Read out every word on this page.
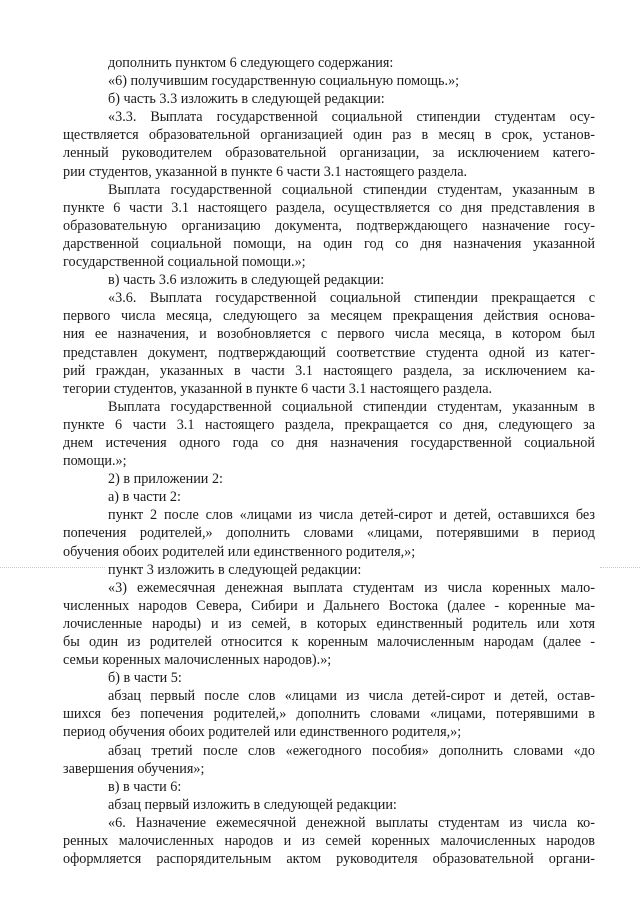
дополнить пунктом 6 следующего содержания:
«6) получившим государственную социальную помощь.»;
б) часть 3.3 изложить в следующей редакции:
«3.3. Выплата государственной социальной стипендии студентам осу-
ществляется образовательной организацией один раз в месяц в срок, установ-
ленный руководителем образовательной организации, за исключением катего-
рии студентов, указанной в пункте 6 части 3.1 настоящего раздела.
Выплата государственной социальной стипендии студентам, указанным в
пункте 6 части 3.1 настоящего раздела, осуществляется со дня представления в
образовательную организацию документа, подтверждающего назначение госу-
дарственной социальной помощи, на один год со дня назначения указанной
государственной социальной помощи.»;
в) часть 3.6 изложить в следующей редакции:
«3.6. Выплата государственной социальной стипендии прекращается с
первого числа месяца, следующего за месяцем прекращения действия основа-
ния ее назначения, и возобновляется с первого числа месяца, в котором был
представлен документ, подтверждающий соответствие студента одной из катег-
рий граждан, указанных в части 3.1 настоящего раздела, за исключением ка-
тегории студентов, указанной в пункте 6 части 3.1 настоящего раздела.
Выплата государственной социальной стипендии студентам, указанным в
пункте 6 части 3.1 настоящего раздела, прекращается со дня, следующего за
днем истечения одного года со дня назначения государственной социальной
помощи.»;
2) в приложении 2:
а) в части 2:
пункт 2 после слов «лицами из числа детей-сирот и детей, оставшихся без
попечения родителей,» дополнить словами «лицами, потерявшими в период
обучения обоих родителей или единственного родителя,»;
пункт 3 изложить в следующей редакции:
«3) ежемесячная денежная выплата студентам из числа коренных мало-
численных народов Севера, Сибири и Дальнего Востока (далее - коренные ма-
лочисленные народы) и из семей, в которых единственный родитель или хотя
бы один из родителей относится к коренным малочисленным народам (далее -
семьи коренных малочисленных народов).»;
б) в части 5:
абзац первый после слов «лицами из числа детей-сирот и детей, остав-
шихся без попечения родителей,» дополнить словами «лицами, потерявшими в
период обучения обоих родителей или единственного родителя,»;
абзац третий после слов «ежегодного пособия» дополнить словами «до
завершения обучения»;
в) в части 6:
абзац первый изложить в следующей редакции:
«6. Назначение ежемесячной денежной выплаты студентам из числа ко-
ренных малочисленных народов и из семей коренных малочисленных народов
оформляется распорядительным актом руководителя образовательной органи-
